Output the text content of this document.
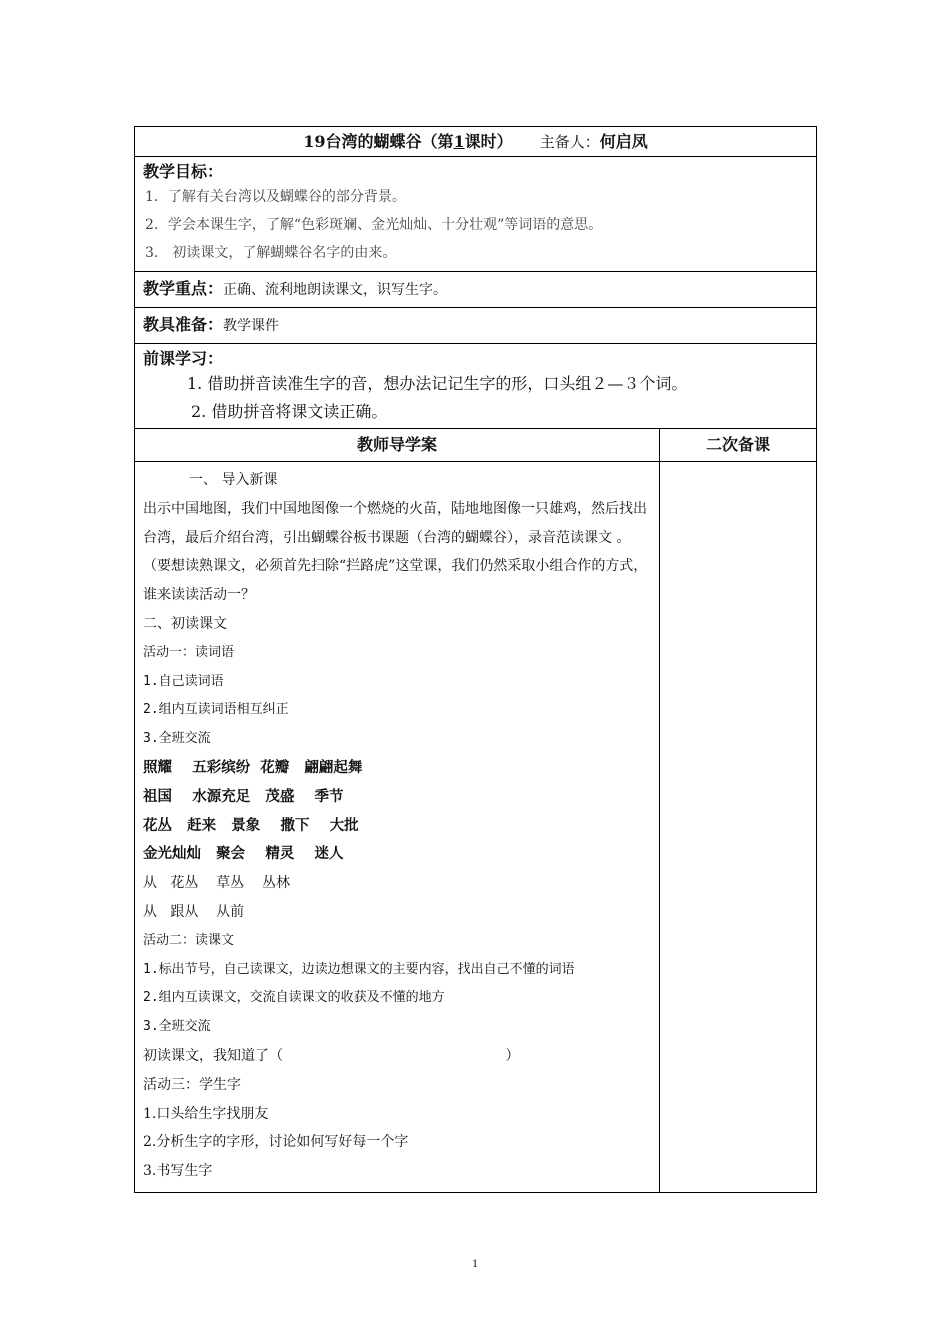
19台湾的蝴蝶谷（第1课时） 主备人：何启凤
教学目标：
1．了解有关台湾以及蝴蝶谷的部分背景。
2．学会本课生字，了解“色彩斑斓、金光灿灿、十分壮观”等词语的意思。
3． 初读课文，了解蝴蝶谷名字的由来。
教学重点：正确、流利地朗读课文，识写生字。
教具准备：教学课件
前课学习：
1. 借助拼音读准生字的音，想办法记记生字的形，口头组２—３个词。
2. 借助拼音将课文读正确。
教师导学案	二次备课

一、 导入新课

出示中国地图，我们中国地图像一个燃烧的火苗，陆地地图像一只雄鸡，然后找出台湾，最后介绍台湾，引出蝴蝶谷板书课题（台湾的蝴蝶谷），录音范读课文 。（要想读熟课文，必须首先扫除“拦路虎”这堂课，我们仍然采取小组合作的方式，谁来读读活动一？

二、初读课文

活动一：读词语

1.自己读词语

2.组内互读词语相互纠正

3.全班交流

照耀    五彩缤纷  花瓣   翩翩起舞

祖国    水源充足   茂盛    季节

花丛   赶来   景象    撒下    大批

金光灿灿   聚会    精灵    迷人

从   花丛    草丛    丛林

从   跟从    从前

活动二：读课文

1.标出节号，自己读课文，边读边想课文的主要内容，找出自己不懂的词语

2.组内互读课文，交流自读课文的收获及不懂的地方

3.全班交流

初读课文，我知道了（                                                  ）

活动三：学生字

1.口头给生字找朋友

2.分析生字的字形，讨论如何写好每一个字

3.书写生字

1
